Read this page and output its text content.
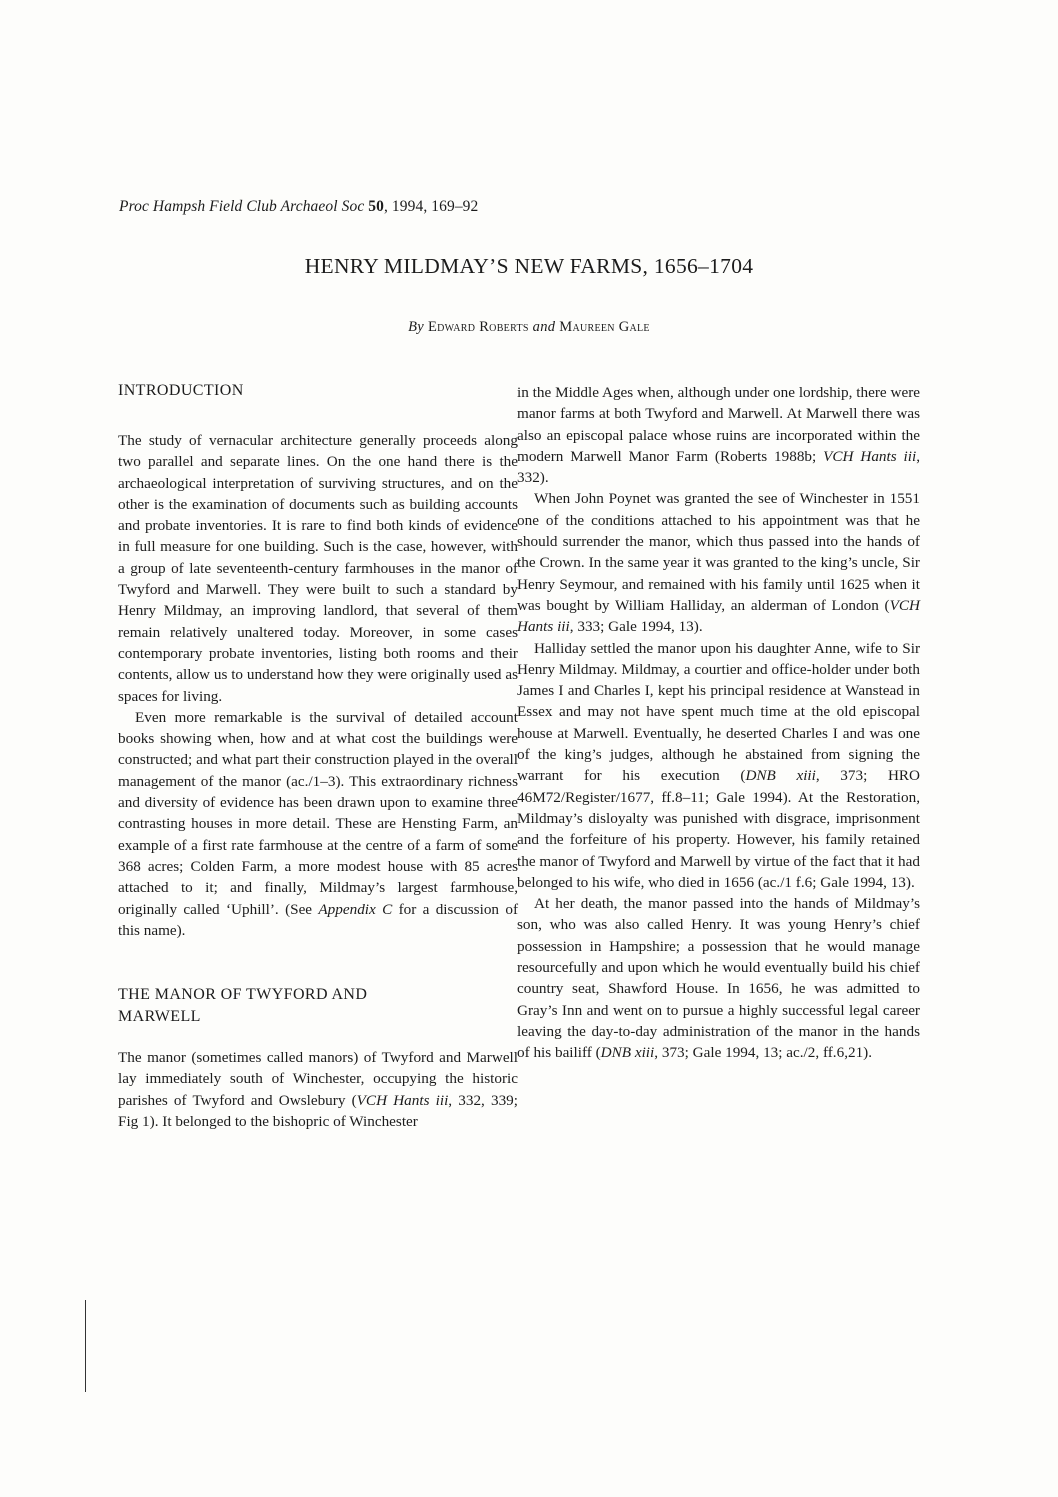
Proc Hampsh Field Club Archaeol Soc 50, 1994, 169–92
HENRY MILDMAY’S NEW FARMS, 1656–1704
By Edward Roberts and Maureen Gale
INTRODUCTION

The study of vernacular architecture generally proceeds along two parallel and separate lines. On the one hand there is the archaeological interpretation of surviving structures, and on the other is the examination of documents such as building accounts and probate inventories. It is rare to find both kinds of evidence in full measure for one building. Such is the case, however, with a group of late seventeenth-century farmhouses in the manor of Twyford and Marwell. They were built to such a standard by Henry Mildmay, an improving landlord, that several of them remain relatively unaltered today. Moreover, in some cases contemporary probate inventories, listing both rooms and their contents, allow us to understand how they were originally used as spaces for living.

Even more remarkable is the survival of detailed account books showing when, how and at what cost the buildings were constructed; and what part their construction played in the overall management of the manor (ac./1–3). This extraordinary richness and diversity of evidence has been drawn upon to examine three contrasting houses in more detail. These are Hensting Farm, an example of a first rate farmhouse at the centre of a farm of some 368 acres; Colden Farm, a more modest house with 85 acres attached to it; and finally, Mildmay’s largest farmhouse, originally called ‘Uphill’. (See Appendix C for a discussion of this name).

THE MANOR OF TWYFORD AND
MARWELL

The manor (sometimes called manors) of Twyford and Marwell lay immediately south of Winchester, occupying the historic parishes of Twyford and Owslebury (VCH Hants iii, 332, 339; Fig 1). It belonged to the bishopric of Winchester

in the Middle Ages when, although under one lordship, there were manor farms at both Twyford and Marwell. At Marwell there was also an episcopal palace whose ruins are incorporated within the modern Marwell Manor Farm (Roberts 1988b; VCH Hants iii, 332).

When John Poynet was granted the see of Winchester in 1551 one of the conditions attached to his appointment was that he should surrender the manor, which thus passed into the hands of the Crown. In the same year it was granted to the king’s uncle, Sir Henry Seymour, and remained with his family until 1625 when it was bought by William Halliday, an alderman of London (VCH Hants iii, 333; Gale 1994, 13).

Halliday settled the manor upon his daughter Anne, wife to Sir Henry Mildmay. Mildmay, a courtier and office-holder under both James I and Charles I, kept his principal residence at Wanstead in Essex and may not have spent much time at the old episcopal house at Marwell. Eventually, he deserted Charles I and was one of the king’s judges, although he abstained from signing the warrant for his execution (DNB xiii, 373; HRO 46M72/Register/1677, ff.8–11; Gale 1994). At the Restoration, Mildmay’s disloyalty was punished with disgrace, imprisonment and the forfeiture of his property. However, his family retained the manor of Twyford and Marwell by virtue of the fact that it had belonged to his wife, who died in 1656 (ac./1 f.6; Gale 1994, 13).

At her death, the manor passed into the hands of Mildmay’s son, who was also called Henry. It was young Henry’s chief possession in Hampshire; a possession that he would manage resourcefully and upon which he would eventually build his chief country seat, Shawford House. In 1656, he was admitted to Gray’s Inn and went on to pursue a highly successful legal career leaving the day-to-day administration of the manor in the hands of his bailiff (DNB xiii, 373; Gale 1994, 13; ac./2, ff.6,21).
